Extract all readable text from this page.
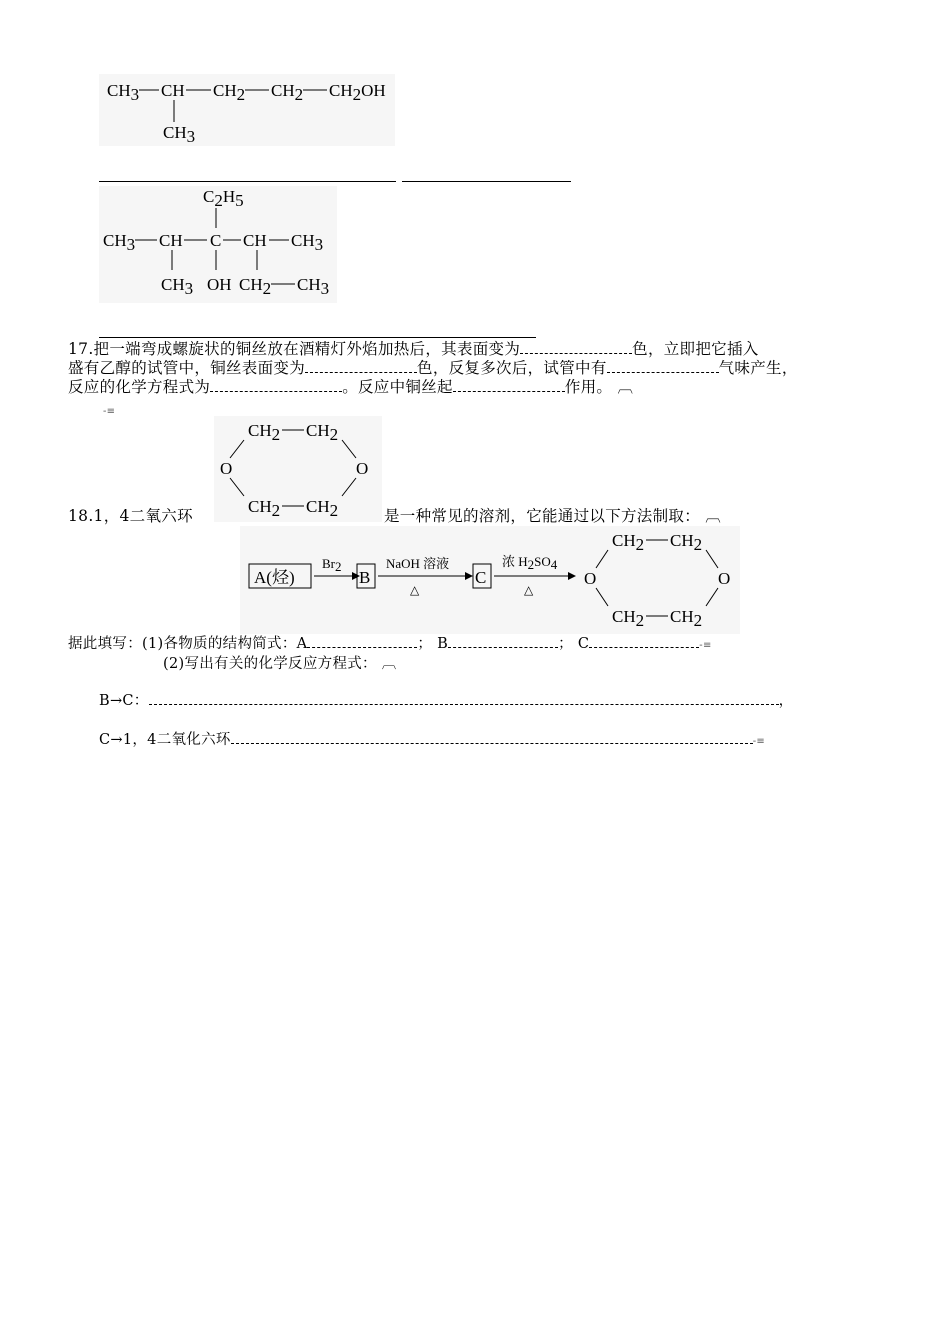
CH3 CH CH2 CH2 CH2OH
CH3
C2H5
CH3 CH C CH CH3
CH3 OH CH2 CH3
17.把一端弯成螺旋状的铜丝放在酒精灯外焰加热后，其表面变为	色，立即把它插入
盛有乙醇的试管中，铜丝表面变为	色，反复多次后，试管中有	气味产生，
反应的化学方程式为	。反应中铜丝起	作用。 ︹
-≡
CH2 CH2
O	O
CH2 CH2
18.1，4二氧六环	是一种常见的溶剂，它能通过以下方法制取： ︹
A(烃)
Br2
B
NaOH 溶液
△
C
浓 H2SO4
△
CH2 CH2
O	O
CH2 CH2
据此填写：(1)各物质的结构简式：A	； B	； C	-≡
(2)写出有关的化学反应方程式： ︹
B→C：	，
C→1，4二氧化六环	-≡
